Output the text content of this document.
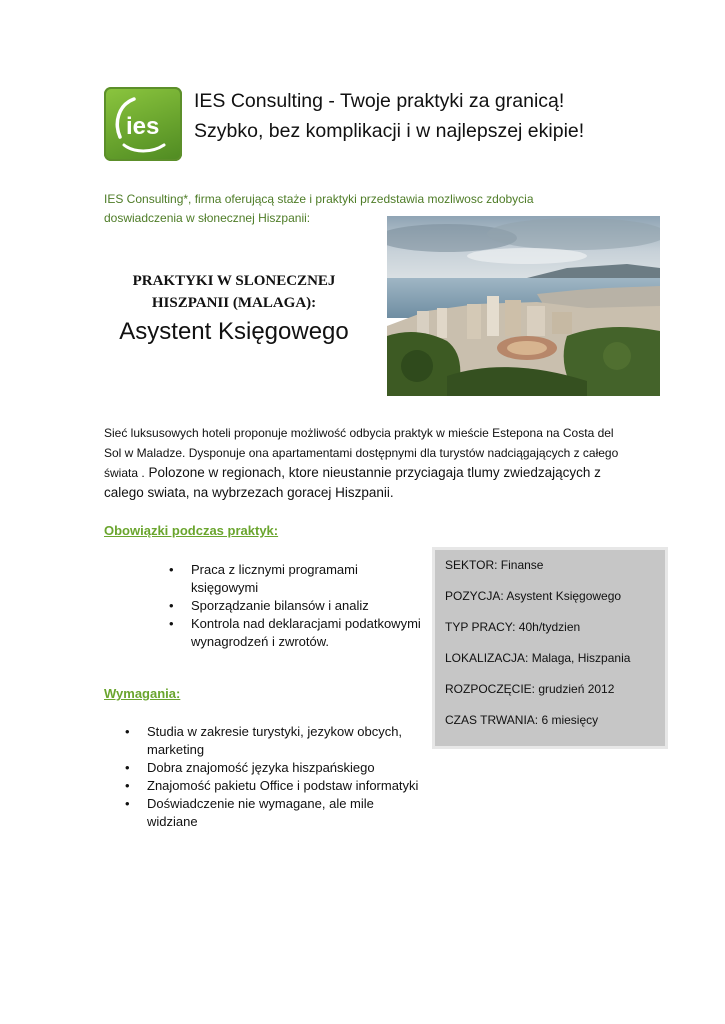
ies
IES Consulting - Twoje praktyki za granicą!
Szybko, bez komplikacji i w najlepszej ekipie!
IES Consulting*, firma oferującą staże i praktyki przedstawia mozliwosc zdobycia doswiadczenia w słonecznej Hiszpanii:
PRAKTYKI W SLONECZNEJ
HISZPANII (MALAGA):
Asystent Księgowego
Sieć luksusowych hoteli proponuje możliwość odbycia praktyk w mieście Estepona na Costa del Sol w Maladze. Dysponuje ona apartamentami dostępnymi dla turystów nadciągających z całego świata . Polozone w regionach, ktore nieustannie przyciagaja tlumy zwiedzających z calego swiata, na wybrzezach goracej Hiszpanii.
Obowiązki podczas praktyk:
• Praca z licznymi programami księgowymi
• Sporządzanie bilansów i analiz
• Kontrola nad deklaracjami podatkowymi wynagrodzeń i zwrotów.
Wymagania:
• Studia w zakresie turystyki, jezykow obcych, marketing
• Dobra znajomość języka hiszpańskiego
• Znajomość pakietu Office i podstaw informatyki
• Doświadczenie nie wymagane, ale mile widziane
SEKTOR: Finanse
POZYCJA: Asystent Księgowego
TYP PRACY: 40h/tydzien
LOKALIZACJA: Malaga, Hiszpania
ROZPOCZĘCIE: grudzień 2012
CZAS TRWANIA: 6 miesięcy
